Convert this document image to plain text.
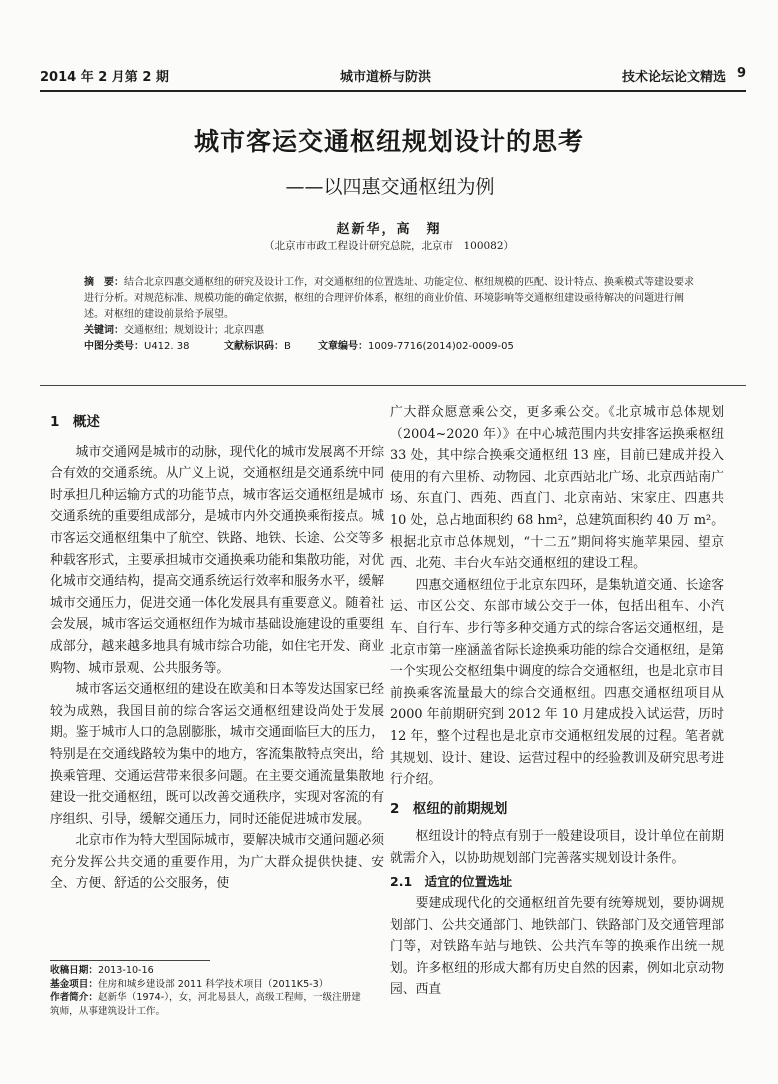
2014 年 2 月第 2 期	城市道桥与防洪	技术论坛论文精选 9
城市客运交通枢纽规划设计的思考
——以四惠交通枢纽为例
赵新华，高　翔
（北京市市政工程设计研究总院，北京市　100082）
摘　要：结合北京四惠交通枢纽的研究及设计工作，对交通枢纽的位置选址、功能定位、枢纽规模的匹配、设计特点、换乘模式等建设要求进行分析。对规范标准、规模功能的确定依据，枢纽的合理评价体系，枢纽的商业价值、环境影响等交通枢纽建设亟待解决的问题进行阐述。对枢纽的建设前景给予展望。
关键词：交通枢纽；规划设计；北京四惠
中图分类号：U412. 38	文献标识码：B	文章编号：1009-7716(2014)02-0009-05
1　概述

城市交通网是城市的动脉，现代化的城市发展离不开综合有效的交通系统。从广义上说，交通枢纽是交通系统中同时承担几种运输方式的功能节点，城市客运交通枢纽是城市交通系统的重要组成部分，是城市内外交通换乘衔接点。城市客运交通枢纽集中了航空、铁路、地铁、长途、公交等多种载客形式，主要承担城市交通换乘功能和集散功能，对优化城市交通结构，提高交通系统运行效率和服务水平，缓解城市交通压力，促进交通一体化发展具有重要意义。随着社会发展，城市客运交通枢纽作为城市基础设施建设的重要组成部分，越来越多地具有城市综合功能，如住宅开发、商业购物、城市景观、公共服务等。

城市客运交通枢纽的建设在欧美和日本等发达国家已经较为成熟，我国目前的综合客运交通枢纽建设尚处于发展期。鉴于城市人口的急剧膨胀，城市交通面临巨大的压力，特别是在交通线路较为集中的地方，客流集散特点突出，给换乘管理、交通运营带来很多问题。在主要交通流量集散地建设一批交通枢纽，既可以改善交通秩序，实现对客流的有序组织、引导，缓解交通压力，同时还能促进城市发展。

北京市作为特大型国际城市，要解决城市交通问题必须充分发挥公共交通的重要作用，为广大群众提供快捷、安全、方便、舒适的公交服务，使

广大群众愿意乘公交，更多乘公交。《北京城市总体规划（2004~2020 年）》在中心城范围内共安排客运换乘枢纽 33 处，其中综合换乘交通枢纽 13 座，目前已建成并投入使用的有六里桥、动物园、北京西站北广场、北京西站南广场、东直门、西苑、西直门、北京南站、宋家庄、四惠共 10 处，总占地面积约 68 hm²，总建筑面积约 40 万 m²。根据北京市总体规划，“十二五”期间将实施苹果园、望京西、北苑、丰台火车站交通枢纽的建设工程。

四惠交通枢纽位于北京东四环，是集轨道交通、长途客运、市区公交、东部市域公交于一体，包括出租车、小汽车、自行车、步行等多种交通方式的综合客运交通枢纽，是北京市第一座涵盖省际长途换乘功能的综合交通枢纽，是第一个实现公交枢纽集中调度的综合交通枢纽，也是北京市目前换乘客流量最大的综合交通枢纽。四惠交通枢纽项目从 2000 年前期研究到 2012 年 10 月建成投入试运营，历时 12 年，整个过程也是北京市交通枢纽发展的过程。笔者就其规划、设计、建设、运营过程中的经验教训及研究思考进行介绍。

2　枢纽的前期规划

枢纽设计的特点有别于一般建设项目，设计单位在前期就需介入，以协助规划部门完善落实规划设计条件。

2.1　适宜的位置选址

要建成现代化的交通枢纽首先要有统筹规划，要协调规划部门、公共交通部门、地铁部门、铁路部门及交通管理部门等，对铁路车站与地铁、公共汽车等的换乘作出统一规划。许多枢纽的形成大都有历史自然的因素，例如北京动物园、西直

收稿日期：2013-10-16
基金项目：住房和城乡建设部 2011 科学技术项目（2011K5-3）
作者简介：赵新华（1974-），女，河北易县人，高级工程师，一级注册建筑师，从事建筑设计工作。
